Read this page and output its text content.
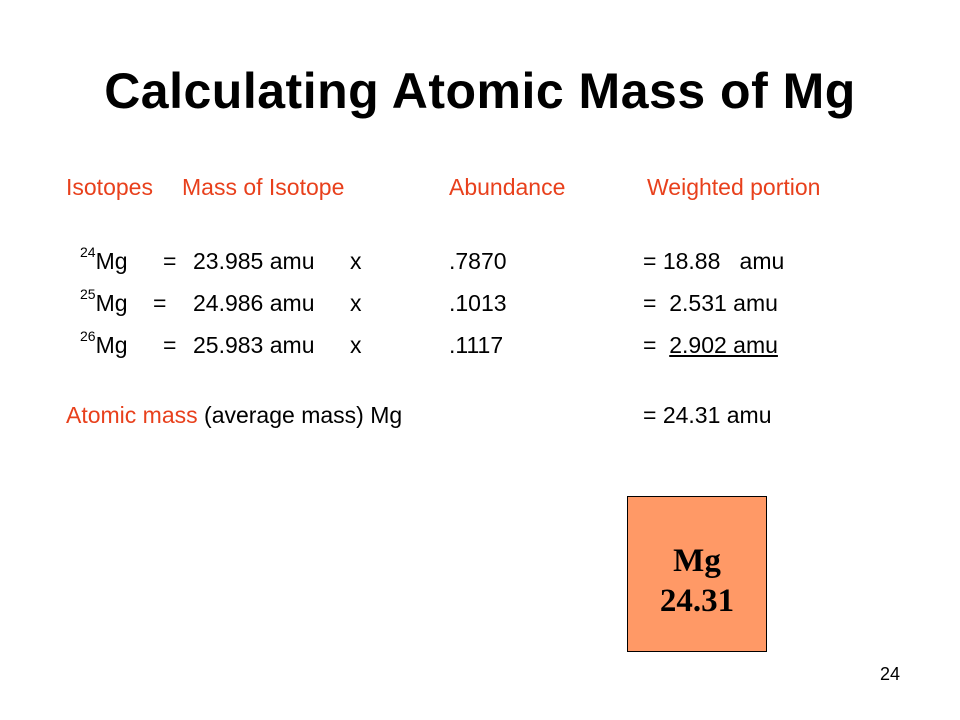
Calculating Atomic Mass of Mg
Isotopes Mass of Isotope	Abundance	Weighted portion
$^{24}$Mg = 23.985 amu x	.7870	= 18.88   amu
$^{25}$Mg = 24.986 amu x	.1013	=  2.531 amu
$^{26}$Mg = 25.983 amu x	.1117	=  2.902 amu
Atomic mass (average mass) Mg	= 24.31 amu
Mg
24.31
24
